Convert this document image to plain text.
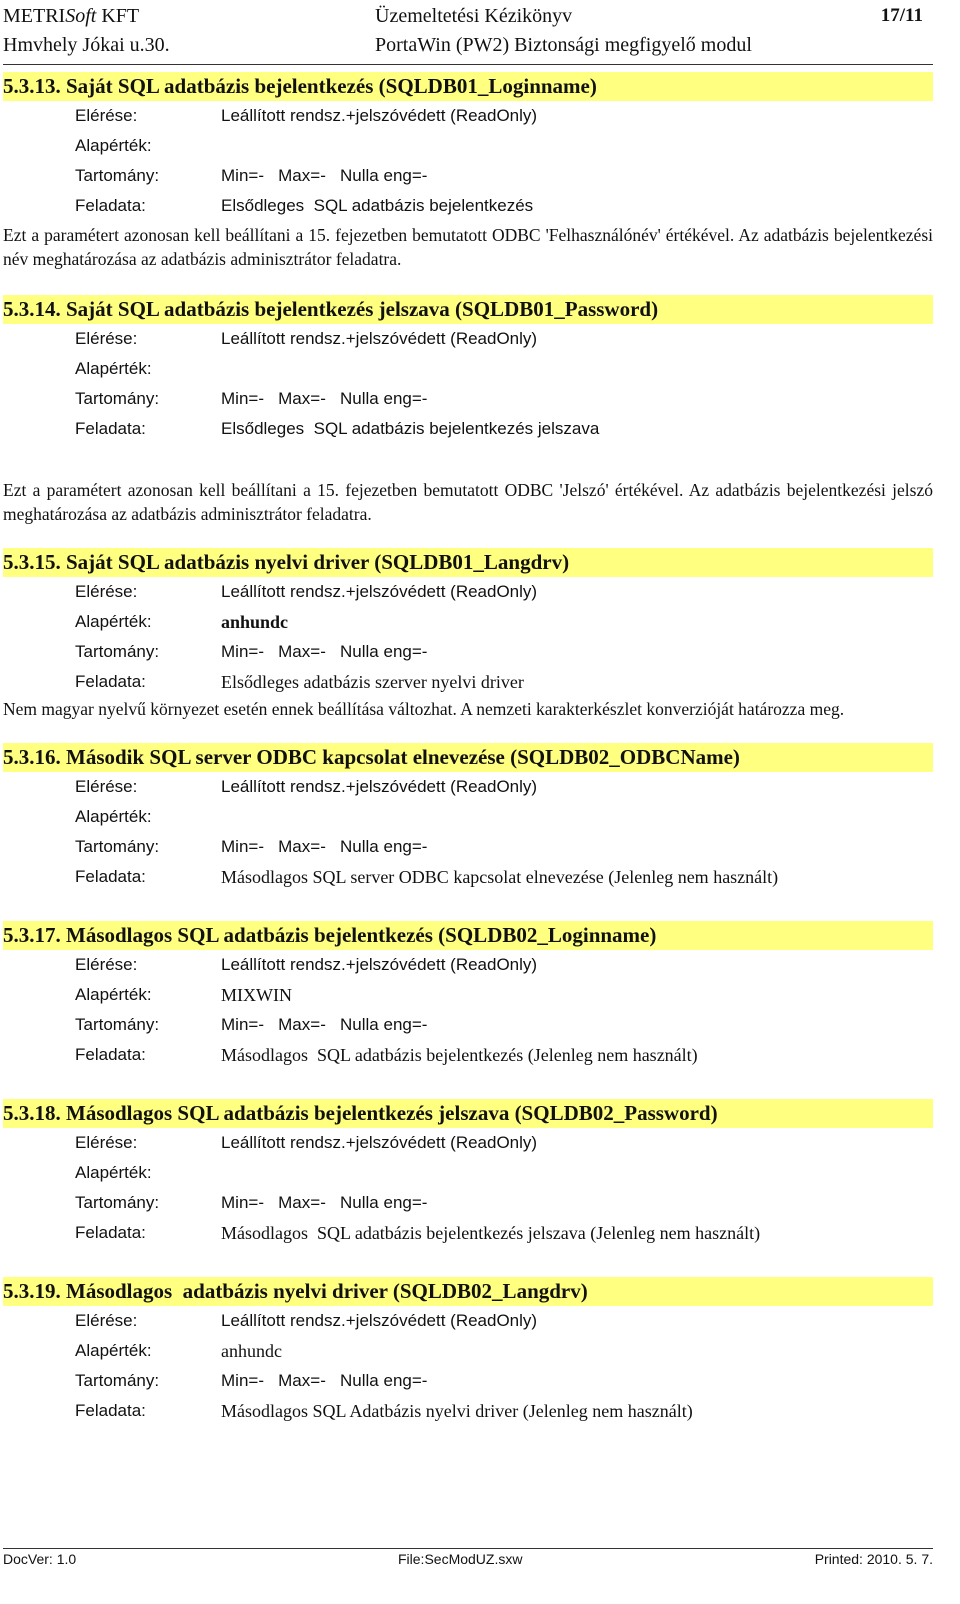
METRISoft KFT	Üzemeltetési Kézikönyv	17/11
Hmvhely Jókai u.30.	PortaWin (PW2) Biztonsági megfigyelő modul
5.3.13. Saját SQL adatbázis bejelentkezés (SQLDB01_Loginname)
Elérése:	Leállított rendsz.+jelszóvédett (ReadOnly)
Alapérték:
Tartomány:	Min=-   Max=-   Nulla eng=-
Feladata:	Elsődleges  SQL adatbázis bejelentkezés

Ezt a paramétert azonosan kell beállítani a 15. fejezetben bemutatott ODBC 'Felhasználónév' értékével. Az adatbázis bejelentkezési név meghatározása az adatbázis adminisztrátor feladatra.

5.3.14. Saját SQL adatbázis bejelentkezés jelszava (SQLDB01_Password)
Elérése:	Leállított rendsz.+jelszóvédett (ReadOnly)
Alapérték:
Tartomány:	Min=-   Max=-   Nulla eng=-
Feladata:	Elsődleges  SQL adatbázis bejelentkezés jelszava

Ezt a paramétert azonosan kell beállítani a 15. fejezetben bemutatott ODBC 'Jelszó' értékével. Az adatbázis bejelentkezési jelszó meghatározása az adatbázis adminisztrátor feladatra.

5.3.15. Saját SQL adatbázis nyelvi driver (SQLDB01_Langdrv)
Elérése:	Leállított rendsz.+jelszóvédett (ReadOnly)
Alapérték:	anhundc
Tartomány:	Min=-   Max=-   Nulla eng=-
Feladata:	Elsődleges adatbázis szerver nyelvi driver

Nem magyar nyelvű környezet esetén ennek beállítása változhat. A nemzeti karakterkészlet konverzióját határozza meg.

5.3.16. Második SQL server ODBC kapcsolat elnevezése (SQLDB02_ODBCName)
Elérése:	Leállított rendsz.+jelszóvédett (ReadOnly)
Alapérték:
Tartomány:	Min=-   Max=-   Nulla eng=-
Feladata:	Másodlagos SQL server ODBC kapcsolat elnevezése (Jelenleg nem használt)
5.3.17. Másodlagos SQL adatbázis bejelentkezés (SQLDB02_Loginname)
Elérése:	Leállított rendsz.+jelszóvédett (ReadOnly)
Alapérték:	MIXWIN
Tartomány:	Min=-   Max=-   Nulla eng=-
Feladata:	Másodlagos  SQL adatbázis bejelentkezés (Jelenleg nem használt)
5.3.18. Másodlagos SQL adatbázis bejelentkezés jelszava (SQLDB02_Password)
Elérése:	Leállított rendsz.+jelszóvédett (ReadOnly)
Alapérték:
Tartomány:	Min=-   Max=-   Nulla eng=-
Feladata:	Másodlagos  SQL adatbázis bejelentkezés jelszava (Jelenleg nem használt)
5.3.19. Másodlagos  adatbázis nyelvi driver (SQLDB02_Langdrv)
Elérése:	Leállított rendsz.+jelszóvédett (ReadOnly)
Alapérték:	anhundc
Tartomány:	Min=-   Max=-   Nulla eng=-
Feladata:	Másodlagos SQL Adatbázis nyelvi driver (Jelenleg nem használt)
DocVer: 1.0	File:SecModUZ.sxw	Printed: 2010. 5. 7.
